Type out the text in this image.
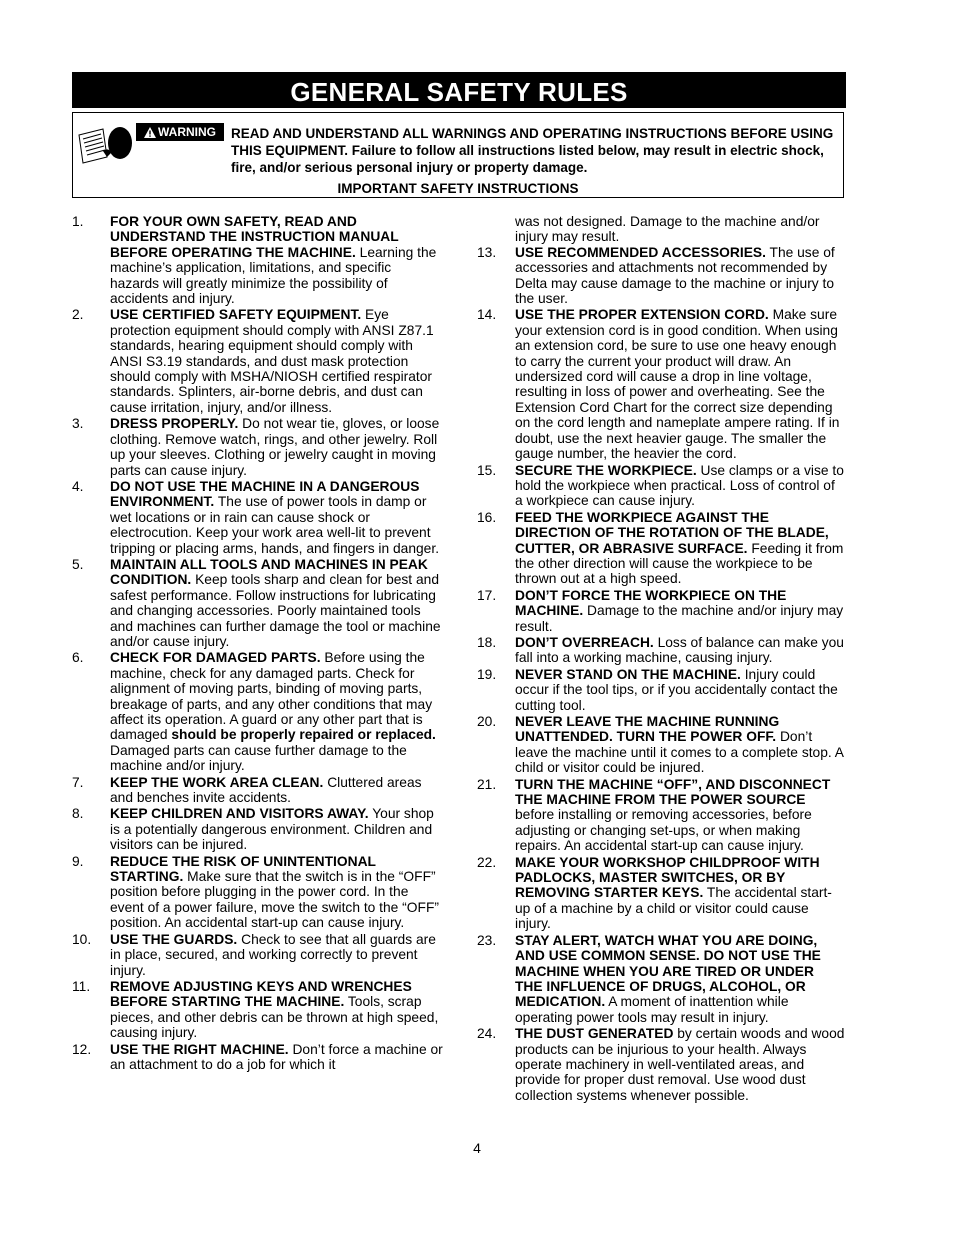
GENERAL SAFETY RULES
WARNING READ AND UNDERSTAND ALL WARNINGS AND OPERATING INSTRUCTIONS BEFORE USING THIS EQUIPMENT. Failure to follow all instructions listed below, may result in electric shock, fire, and/or serious personal injury or property damage.
IMPORTANT SAFETY INSTRUCTIONS
1.	FOR YOUR OWN SAFETY, READ AND UNDERSTAND THE INSTRUCTION MANUAL BEFORE OPERATING THE MACHINE. Learning the machine’s application, limitations, and specific hazards will greatly minimize the possibility of accidents and injury.
2.	USE CERTIFIED SAFETY EQUIPMENT. Eye protection equipment should comply with ANSI Z87.1 standards, hearing equipment should comply with ANSI S3.19 standards, and dust mask protection should comply with MSHA/NIOSH certified respirator standards. Splinters, air-borne debris, and dust can cause irritation, injury, and/or illness.
3.	DRESS PROPERLY. Do not wear tie, gloves, or loose clothing. Remove watch, rings, and other jewelry. Roll up your sleeves. Clothing or jewelry caught in moving parts can cause injury.
4.	DO NOT USE THE MACHINE IN A DANGEROUS ENVIRONMENT. The use of power tools in damp or wet locations or in rain can cause shock or electrocution. Keep your work area well-lit to prevent tripping or placing arms, hands, and fingers in danger.
5.	MAINTAIN ALL TOOLS AND MACHINES IN PEAK CONDITION. Keep tools sharp and clean for best and safest performance. Follow instructions for lubricating and changing accessories. Poorly maintained tools and machines can further damage the tool or machine and/or cause injury.
6.	CHECK FOR DAMAGED PARTS. Before using the machine, check for any damaged parts. Check for alignment of moving parts, binding of moving parts, breakage of parts, and any other conditions that may affect its operation. A guard or any other part that is damaged should be properly repaired or replaced. Damaged parts can cause further damage to the machine and/or injury.
7.	KEEP THE WORK AREA CLEAN. Cluttered areas and benches invite accidents.
8.	KEEP CHILDREN AND VISITORS AWAY. Your shop is a potentially dangerous environment. Children and visitors can be injured.
9.	REDUCE THE RISK OF UNINTENTIONAL STARTING. Make sure that the switch is in the “OFF” position before plugging in the power cord. In the event of a power failure, move the switch to the “OFF” position. An accidental start-up can cause injury.
10.	USE THE GUARDS. Check to see that all guards are in place, secured, and working correctly to prevent injury.
11.	REMOVE ADJUSTING KEYS AND WRENCHES BEFORE STARTING THE MACHINE. Tools, scrap pieces, and other debris can be thrown at high speed, causing injury.
12.	USE THE RIGHT MACHINE. Don’t force a machine or an attachment to do a job for which it
was not designed. Damage to the machine and/or injury may result.
13.	USE RECOMMENDED ACCESSORIES. The use of accessories and attachments not recommended by Delta may cause damage to the machine or injury to the user.
14.	USE THE PROPER EXTENSION CORD. Make sure your extension cord is in good condition. When using an extension cord, be sure to use one heavy enough to carry the current your product will draw. An undersized cord will cause a drop in line voltage, resulting in loss of power and overheating. See the Extension Cord Chart for the correct size depending on the cord length and nameplate ampere rating. If in doubt, use the next heavier gauge. The smaller the gauge number, the heavier the cord.
15.	SECURE THE WORKPIECE. Use clamps or a vise to hold the workpiece when practical. Loss of control of a workpiece can cause injury.
16.	FEED THE WORKPIECE AGAINST THE DIRECTION OF THE ROTATION OF THE BLADE, CUTTER, OR ABRASIVE SURFACE. Feeding it from the other direction will cause the workpiece to be thrown out at a high speed.
17.	DON’T FORCE THE WORKPIECE ON THE MACHINE. Damage to the machine and/or injury may result.
18.	DON’T OVERREACH. Loss of balance can make you fall into a working machine, causing injury.
19.	NEVER STAND ON THE MACHINE. Injury could occur if the tool tips, or if you accidentally contact the cutting tool.
20.	NEVER LEAVE THE MACHINE RUNNING UNATTENDED. TURN THE POWER OFF. Don’t leave the machine until it comes to a complete stop. A child or visitor could be injured.
21.	TURN THE MACHINE “OFF”, AND DISCONNECT THE MACHINE FROM THE POWER SOURCE before installing or removing accessories, before adjusting or changing set-ups, or when making repairs. An accidental start-up can cause injury.
22.	MAKE YOUR WORKSHOP CHILDPROOF WITH PADLOCKS, MASTER SWITCHES, OR BY REMOVING STARTER KEYS. The accidental start-up of a machine by a child or visitor could cause injury.
23.	STAY ALERT, WATCH WHAT YOU ARE DOING, AND USE COMMON SENSE. DO NOT USE THE MACHINE WHEN YOU ARE TIRED OR UNDER THE INFLUENCE OF DRUGS, ALCOHOL, OR MEDICATION. A moment of inattention while operating power tools may result in injury.
24.	THE DUST GENERATED by certain woods and wood products can be injurious to your health. Always operate machinery in well-ventilated areas, and provide for proper dust removal. Use wood dust collection systems whenever possible.
4
